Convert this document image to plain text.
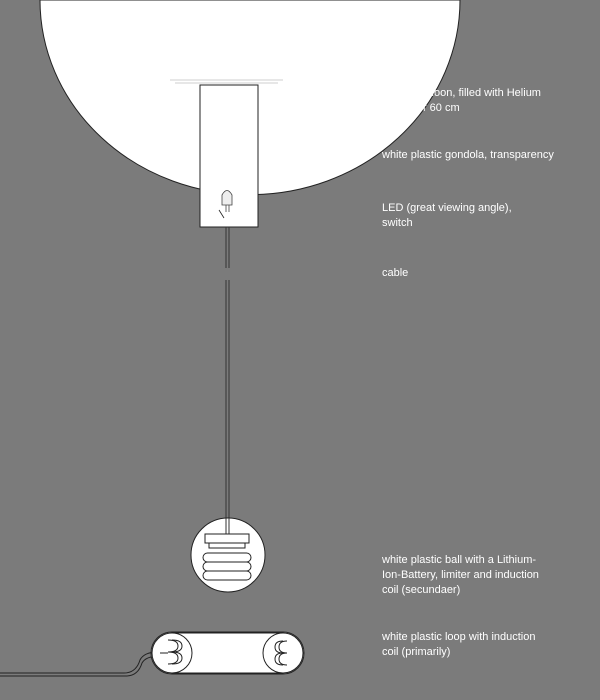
rubber balloon, filled with Helium
Diameter 60 cm
white plastic gondola, transparency
LED (great viewing angle),
switch
cable
white plastic ball with a Lithium-
Ion-Battery, limiter and induction
coil (secundaer)
white plastic loop with induction
coil (primarily)
